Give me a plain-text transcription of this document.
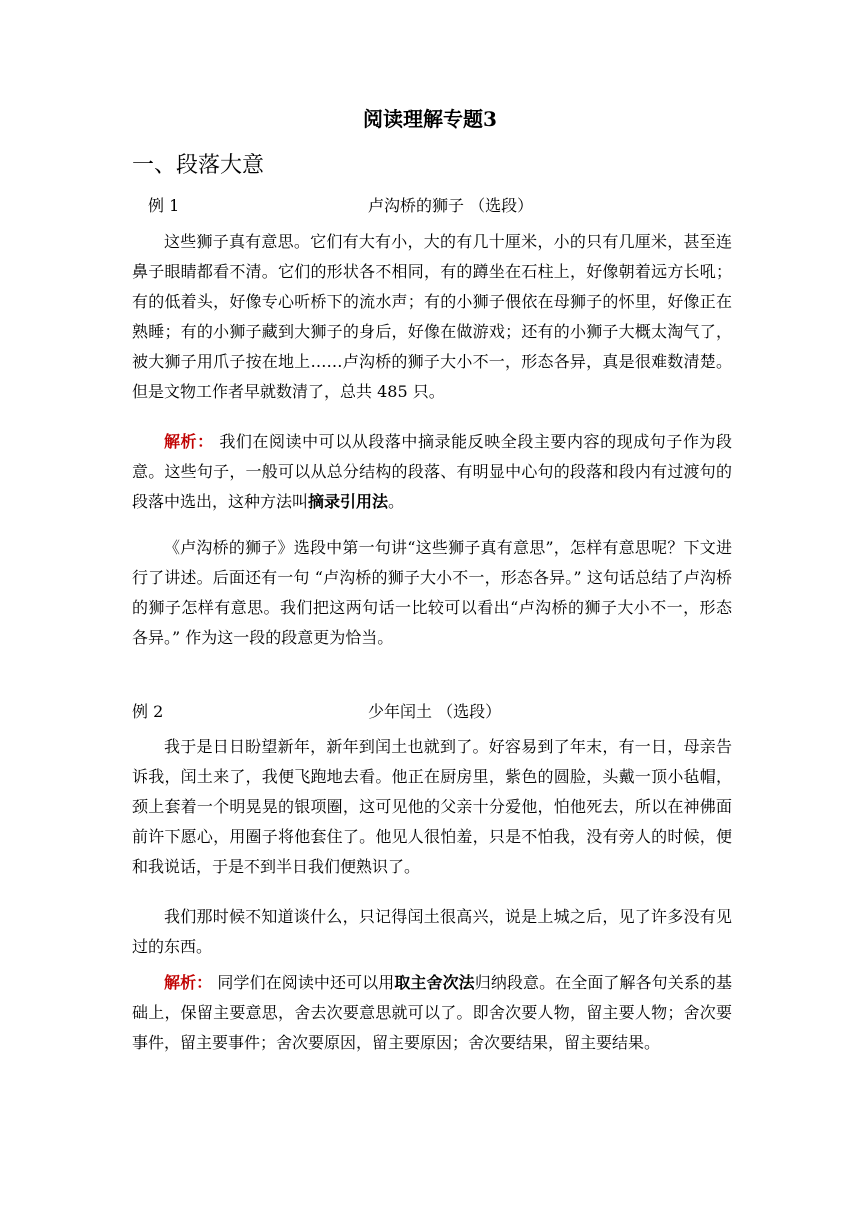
阅读理解专题3
一、段落大意
例 1	卢沟桥的狮子 （选段）

这些狮子真有意思。它们有大有小，大的有几十厘米，小的只有几厘米，甚至连鼻子眼睛都看不清。它们的形状各不相同，有的蹲坐在石柱上，好像朝着远方长吼；有的低着头，好像专心听桥下的流水声；有的小狮子偎依在母狮子的怀里，好像正在熟睡；有的小狮子藏到大狮子的身后，好像在做游戏；还有的小狮子大概太淘气了，被大狮子用爪子按在地上……卢沟桥的狮子大小不一，形态各异，真是很难数清楚。但是文物工作者早就数清了，总共 485 只。

解析： 我们在阅读中可以从段落中摘录能反映全段主要内容的现成句子作为段意。这些句子，一般可以从总分结构的段落、有明显中心句的段落和段内有过渡句的段落中选出，这种方法叫摘录引用法。

《卢沟桥的狮子》选段中第一句讲“这些狮子真有意思”，怎样有意思呢？下文进行了讲述。后面还有一句 “卢沟桥的狮子大小不一，形态各异。” 这句话总结了卢沟桥的狮子怎样有意思。我们把这两句话一比较可以看出“卢沟桥的狮子大小不一，形态各异。” 作为这一段的段意更为恰当。

例 2	少年闰土 （选段）

我于是日日盼望新年，新年到闰土也就到了。好容易到了年末，有一日，母亲告诉我，闰土来了，我便飞跑地去看。他正在厨房里，紫色的圆脸，头戴一顶小毡帽，颈上套着一个明晃晃的银项圈，这可见他的父亲十分爱他，怕他死去，所以在神佛面前许下愿心，用圈子将他套住了。他见人很怕羞，只是不怕我，没有旁人的时候，便和我说话，于是不到半日我们便熟识了。

我们那时候不知道谈什么，只记得闰土很高兴，说是上城之后，见了许多没有见过的东西。

解析： 同学们在阅读中还可以用取主舍次法归纳段意。在全面了解各句关系的基础上，保留主要意思，舍去次要意思就可以了。即舍次要人物，留主要人物；舍次要事件，留主要事件；舍次要原因，留主要原因；舍次要结果，留主要结果。
